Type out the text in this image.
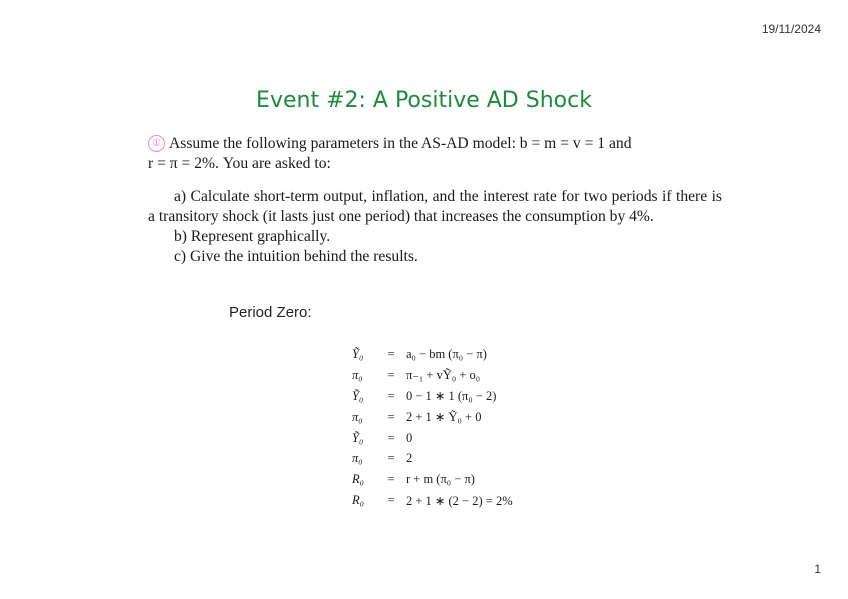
19/11/2024
Event #2: A Positive AD Shock

① Assume the following parameters in the AS-AD model: b = m = v = 1 and

r = π = 2%. You are asked to:

a) Calculate short-term output, inflation, and the interest rate for two periods if there is a transitory shock (it lasts just one period) that increases the consumption by 4%.

b) Represent graphically.

c) Give the intuition behind the results.

Period Zero:
Ỹ₀	=	a₀ − bm (π₀ − π)
π₀	=	π₋₁ + vỸ₀ + o₀
Ỹ₀	=	0 − 1 ∗ 1 (π₀ − 2)
π₀	=	2 + 1 ∗ Ỹ₀ + 0
Ỹ₀	=	0
π₀	=	2
R₀	=	r + m (π₀ − π)
R₀	=	2 + 1 ∗ (2 − 2) = 2%
1
